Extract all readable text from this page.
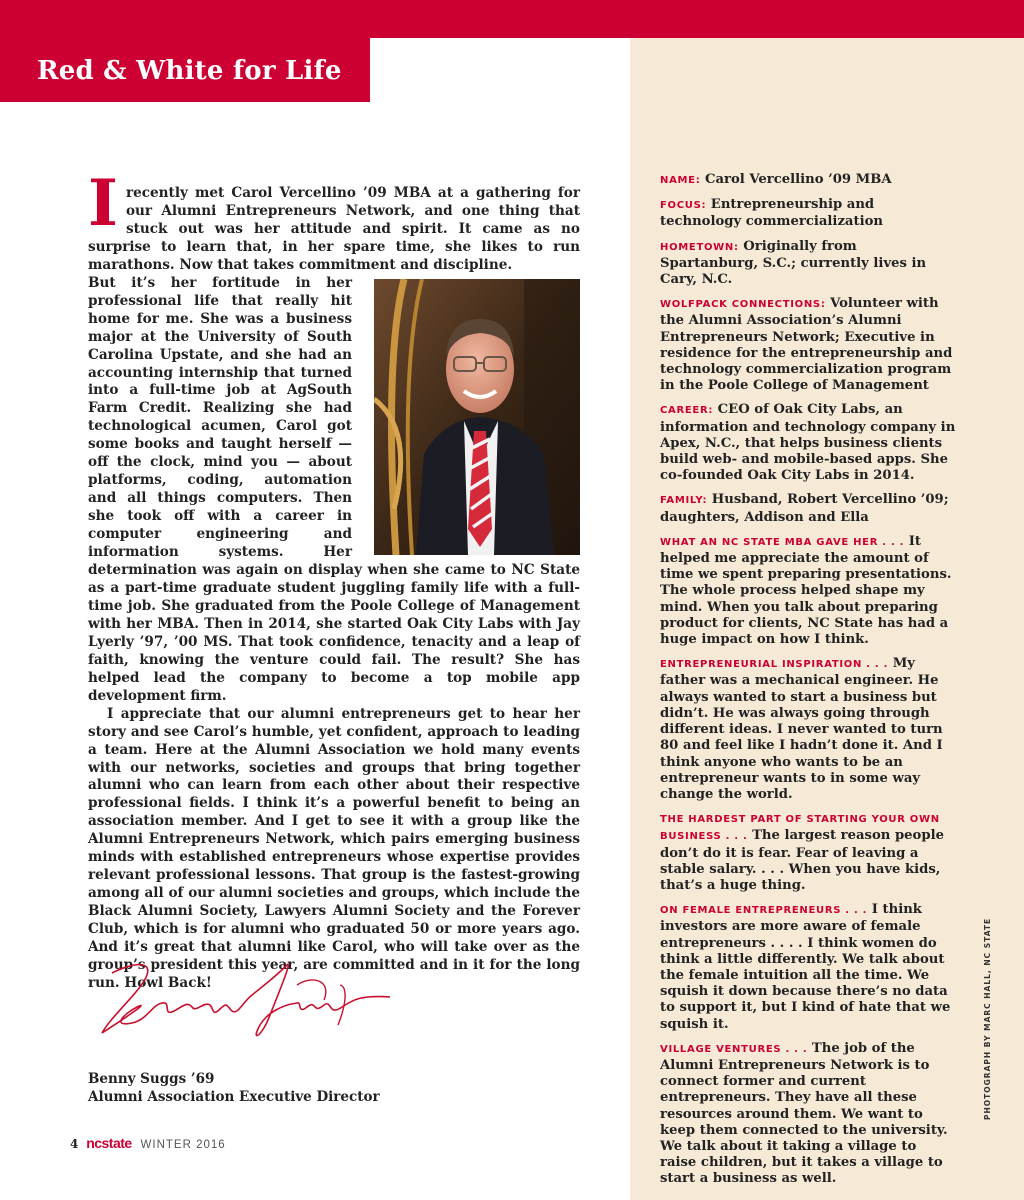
Red & White for Life
I recently met Carol Vercellino ’09 MBA at a gathering for our Alumni Entrepreneurs Network, and one thing that stuck out was her attitude and spirit. It came as no surprise to learn that, in her spare time, she likes to run marathons. Now that takes commitment and discipline.

But it’s her fortitude in her professional life that really hit home for me. She was a business major at the University of South Carolina Upstate, and she had an accounting internship that turned into a full-time job at AgSouth Farm Credit. Realizing she had technological acumen, Carol got some books and taught herself — off the clock, mind you — about platforms, coding, automation and all things computers. Then she took off with a career in computer engineering and information systems. Her determination was again on display when she came to NC State as a part-time graduate student juggling family life with a full-time job. She graduated from the Poole College of Management with her MBA. Then in 2014, she started Oak City Labs with Jay Lyerly ’97, ’00 MS. That took confidence, tenacity and a leap of faith, knowing the venture could fail. The result? She has helped lead the company to become a top mobile app development firm.

I appreciate that our alumni entrepreneurs get to hear her story and see Carol’s humble, yet confident, approach to leading a team. Here at the Alumni Association we hold many events with our networks, societies and groups that bring together alumni who can learn from each other about their respective professional fields. I think it’s a powerful benefit to being an association member. And I get to see it with a group like the Alumni Entrepreneurs Network, which pairs emerging business minds with established entrepreneurs whose expertise provides relevant professional lessons. That group is the fastest-growing among all of our alumni societies and groups, which include the Black Alumni Society, Lawyers Alumni Society and the Forever Club, which is for alumni who graduated 50 or more years ago. And it’s great that alumni like Carol, who will take over as the group’s president this year, are committed and in it for the long run. Howl Back!

Benny Suggs ’69
Alumni Association Executive Director
4 ncstate WINTER 2016

NAME: Carol Vercellino ’09 MBA

FOCUS: Entrepreneurship and technology commercialization

HOMETOWN: Originally from Spartanburg, S.C.; currently lives in Cary, N.C.

WOLFPACK CONNECTIONS: Volunteer with the Alumni Association’s Alumni Entrepreneurs Network; Executive in residence for the entrepreneurship and technology commercialization program in the Poole College of Management

CAREER: CEO of Oak City Labs, an information and technology company in Apex, N.C., that helps business clients build web- and mobile-based apps. She co-founded Oak City Labs in 2014.

FAMILY: Husband, Robert Vercellino ’09; daughters, Addison and Ella

WHAT AN NC STATE MBA GAVE HER . . . It helped me appreciate the amount of time we spent preparing presentations. The whole process helped shape my mind. When you talk about preparing product for clients, NC State has had a huge impact on how I think.

ENTREPRENEURIAL INSPIRATION . . . My father was a mechanical engineer. He always wanted to start a business but didn’t. He was always going through different ideas. I never wanted to turn 80 and feel like I hadn’t done it. And I think anyone who wants to be an entrepreneur wants to in some way change the world.

THE HARDEST PART OF STARTING YOUR OWN BUSINESS . . . The largest reason people don’t do it is fear. Fear of leaving a stable salary. . . . When you have kids, that’s a huge thing.

ON FEMALE ENTREPRENEURS . . . I think investors are more aware of female entrepreneurs . . . . I think women do think a little differently. We talk about the female intuition all the time. We squish it down because there’s no data to support it, but I kind of hate that we squish it.

VILLAGE VENTURES . . . The job of the Alumni Entrepreneurs Network is to connect former and current entrepreneurs. They have all these resources around them. We want to keep them connected to the university. We talk about it taking a village to raise children, but it takes a village to start a business as well.

PHOTOGRAPH BY MARC HALL, NC STATE
